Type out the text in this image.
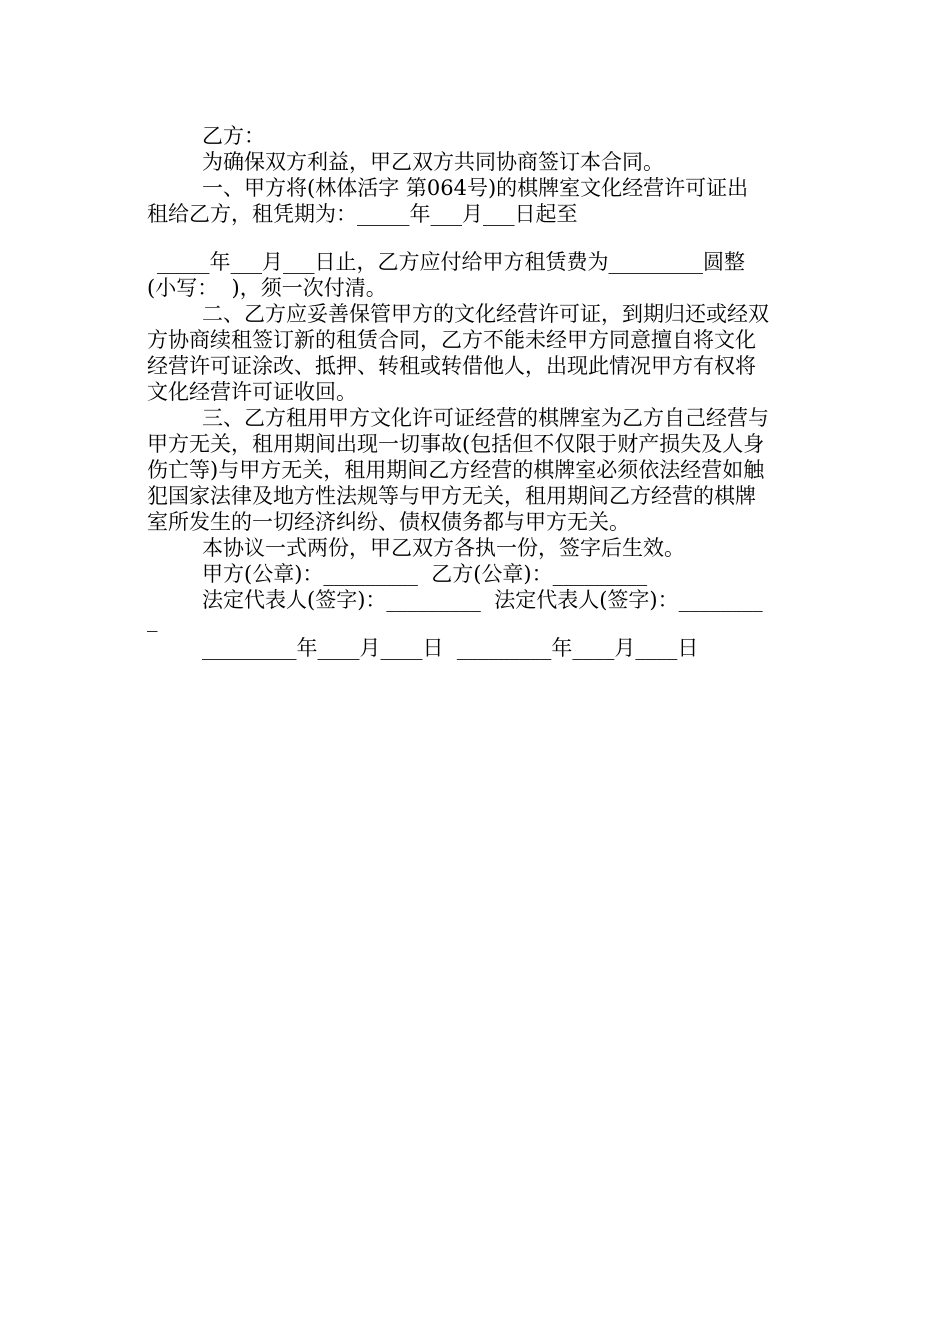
乙方：
为确保双方利益，甲乙双方共同协商签订本合同。
一、甲方将(林体活字 第064号)的棋牌室文化经营许可证出
租给乙方，租凭期为：_____年___月___日起至
_____年___月___日止，乙方应付给甲方租赁费为_________圆整
(小写：  )，须一次付清。
二、乙方应妥善保管甲方的文化经营许可证，到期归还或经双
方协商续租签订新的租赁合同，乙方不能未经甲方同意擅自将文化
经营许可证涂改、抵押、转租或转借他人，出现此情况甲方有权将
文化经营许可证收回。
三、乙方租用甲方文化许可证经营的棋牌室为乙方自己经营与
甲方无关，租用期间出现一切事故(包括但不仅限于财产损失及人身
伤亡等)与甲方无关，租用期间乙方经营的棋牌室必须依法经营如触
犯国家法律及地方性法规等与甲方无关，租用期间乙方经营的棋牌
室所发生的一切经济纠纷、债权债务都与甲方无关。
本协议一式两份，甲乙双方各执一份，签字后生效。
甲方(公章)：_________  乙方(公章)：_________
法定代表人(签字)：_________  法定代表人(签字)：________
_
_________年____月____日  _________年____月____日
